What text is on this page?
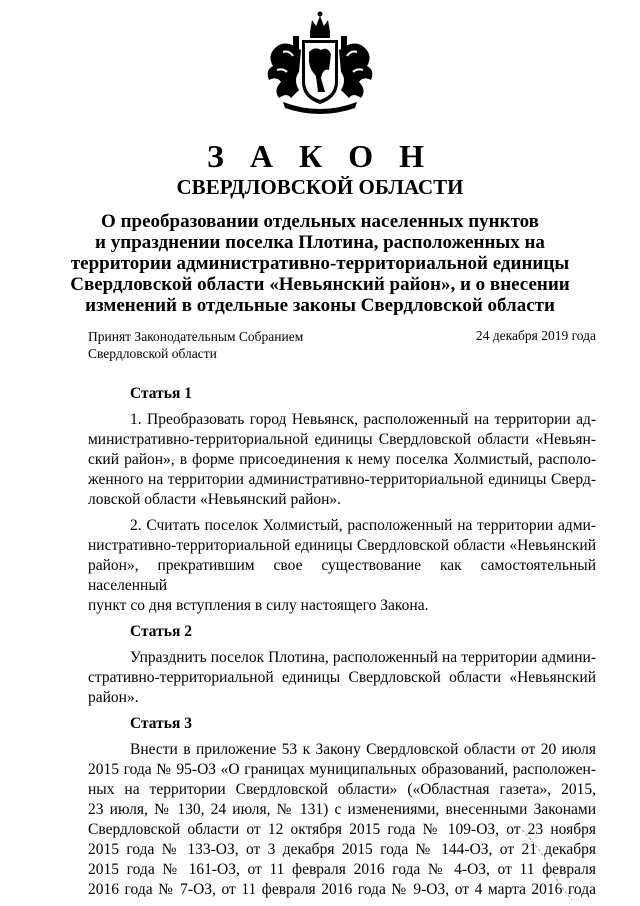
З А К О Н
СВЕРДЛОВСКОЙ ОБЛАСТИ
О преобразовании отдельных населенных пунктов
и упразднении поселка Плотина, расположенных на
территории административно-территориальной единицы
Свердловской области «Невьянский район», и о внесении
изменений в отдельные законы Свердловской области
Принят Законодательным Собранием
Свердловской области
24 декабря 2019 года
Статья 1
1. Преобразовать город Невьянск, расположенный на территории ад-
министративно-территориальной единицы Свердловской области «Невьян-
ский район», в форме присоединения к нему поселка Холмистый, располо-
женного на территории административно-территориальной единицы Сверд-
ловской области «Невьянский район».
2. Считать поселок Холмистый, расположенный на территории адми-
нистративно-территориальной единицы Свердловской области «Невьянский
район», прекратившим свое существование как самостоятельный населенный
пункт со дня вступления в силу настоящего Закона.
Статья 2
Упразднить поселок Плотина, расположенный на территории админи-
стративно-территориальной единицы Свердловской области «Невьянский
район».
Статья 3
Внести в приложение 53 к Закону Свердловской области от 20 июля
2015 года № 95-ОЗ «О границах муниципальных образований, расположен-
ных на территории Свердловской области» («Областная газета», 2015,
23 июля, № 130, 24 июля, № 131) с изменениями, внесенными Законами
Свердловской области от 12 октября 2015 года № 109-ОЗ, от 23 ноября
2015 года № 133-ОЗ, от 3 декабря 2015 года № 144-ОЗ, от 21 декабря
2015 года № 161-ОЗ, от 11 февраля 2016 года № 4-ОЗ, от 11 февраля
2016 года № 7-ОЗ, от 11 февраля 2016 года № 9-ОЗ, от 4 марта 2016 года
